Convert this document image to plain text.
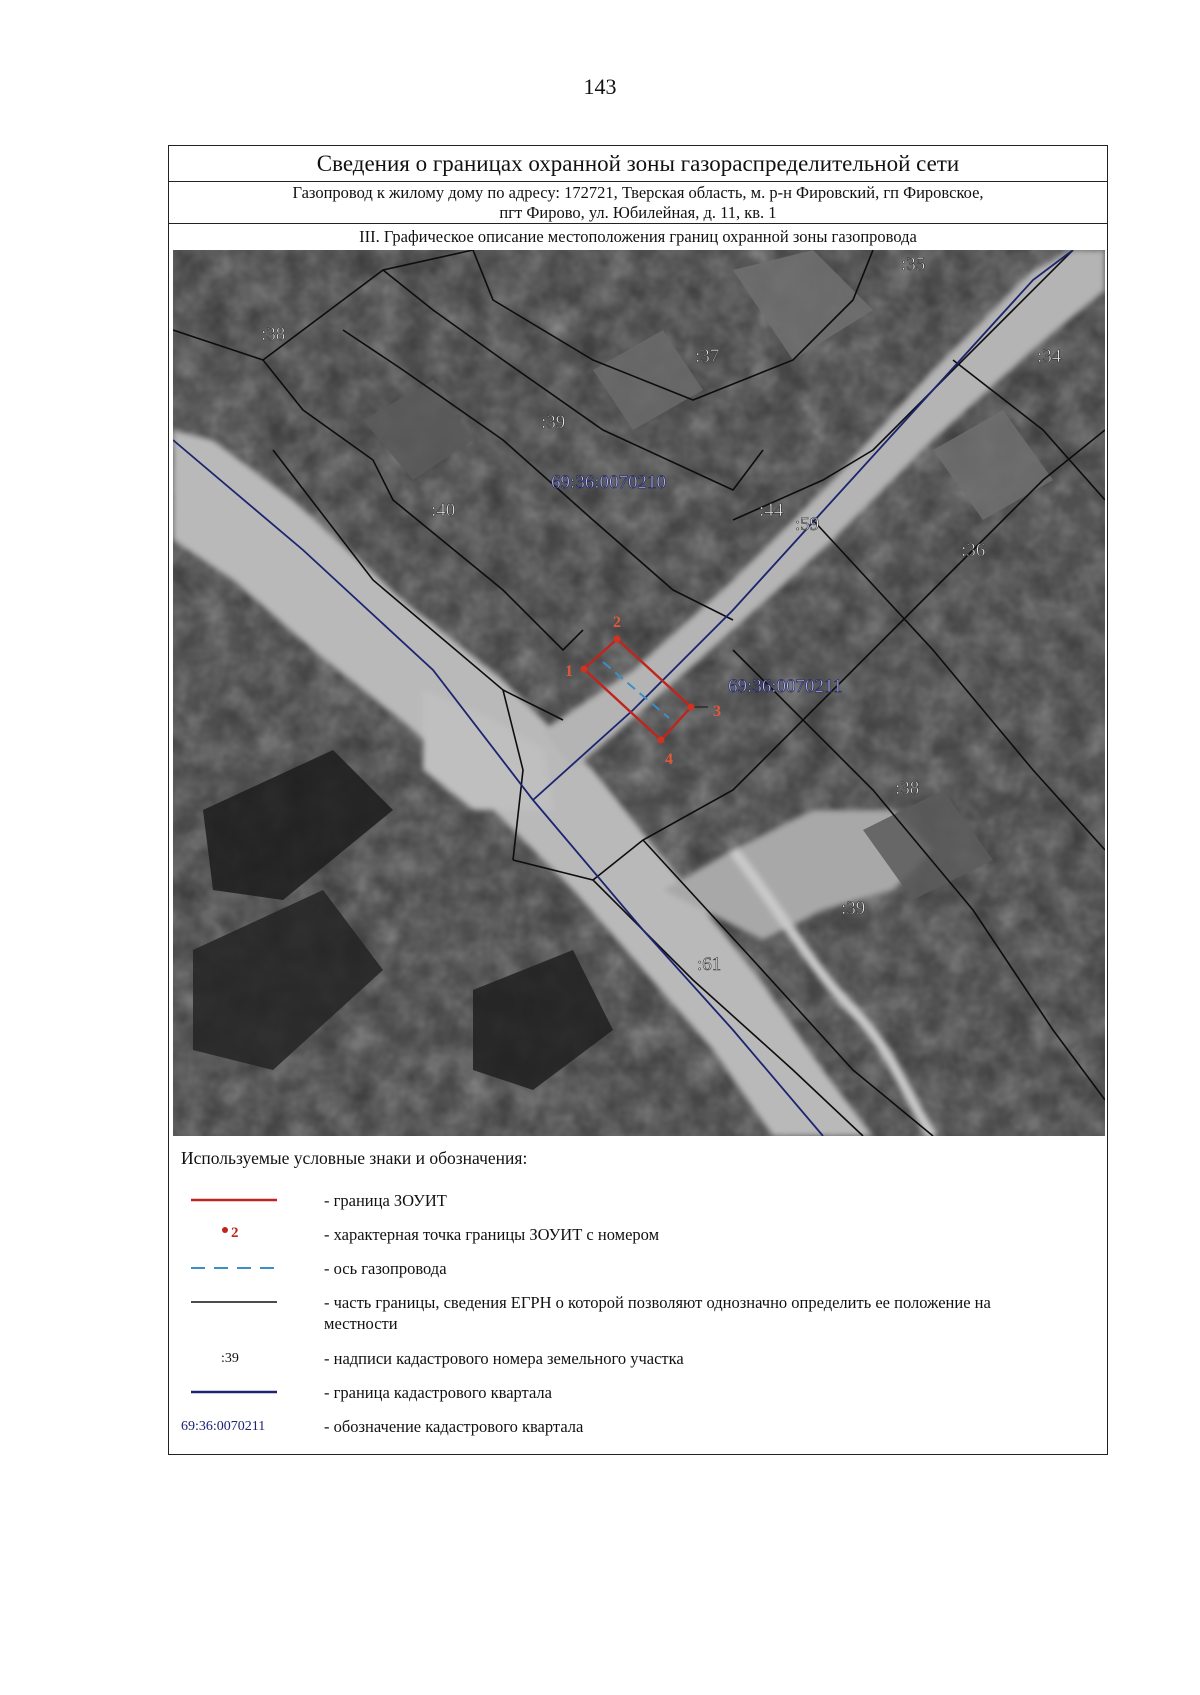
143
Сведения о границах охранной зоны газораспределительной сети
Газопровод к жилому дому по адресу: 172721, Тверская область, м. р-н Фировский, гп Фировское,
пгт Фирово, ул. Юбилейная, д. 11, кв. 1
III. Графическое описание местоположения границ охранной зоны газопровода
1
2
3
4
:38
:35
:37	:34
:39
:40	:44
:59
:36
:38
:39
:61
69:36:0070210
69:36:0070211
Используемые условные знаки и обозначения:
- граница ЗОУИТ
2	- характерная точка границы ЗОУИТ с номером
- ось газопровода
- часть границы, сведения ЕГРН о которой позволяют однозначно определить ее положение на местности
:39	- надписи кадастрового номера земельного участка
- граница кадастрового квартала
69:36:0070211	- обозначение кадастрового квартала
